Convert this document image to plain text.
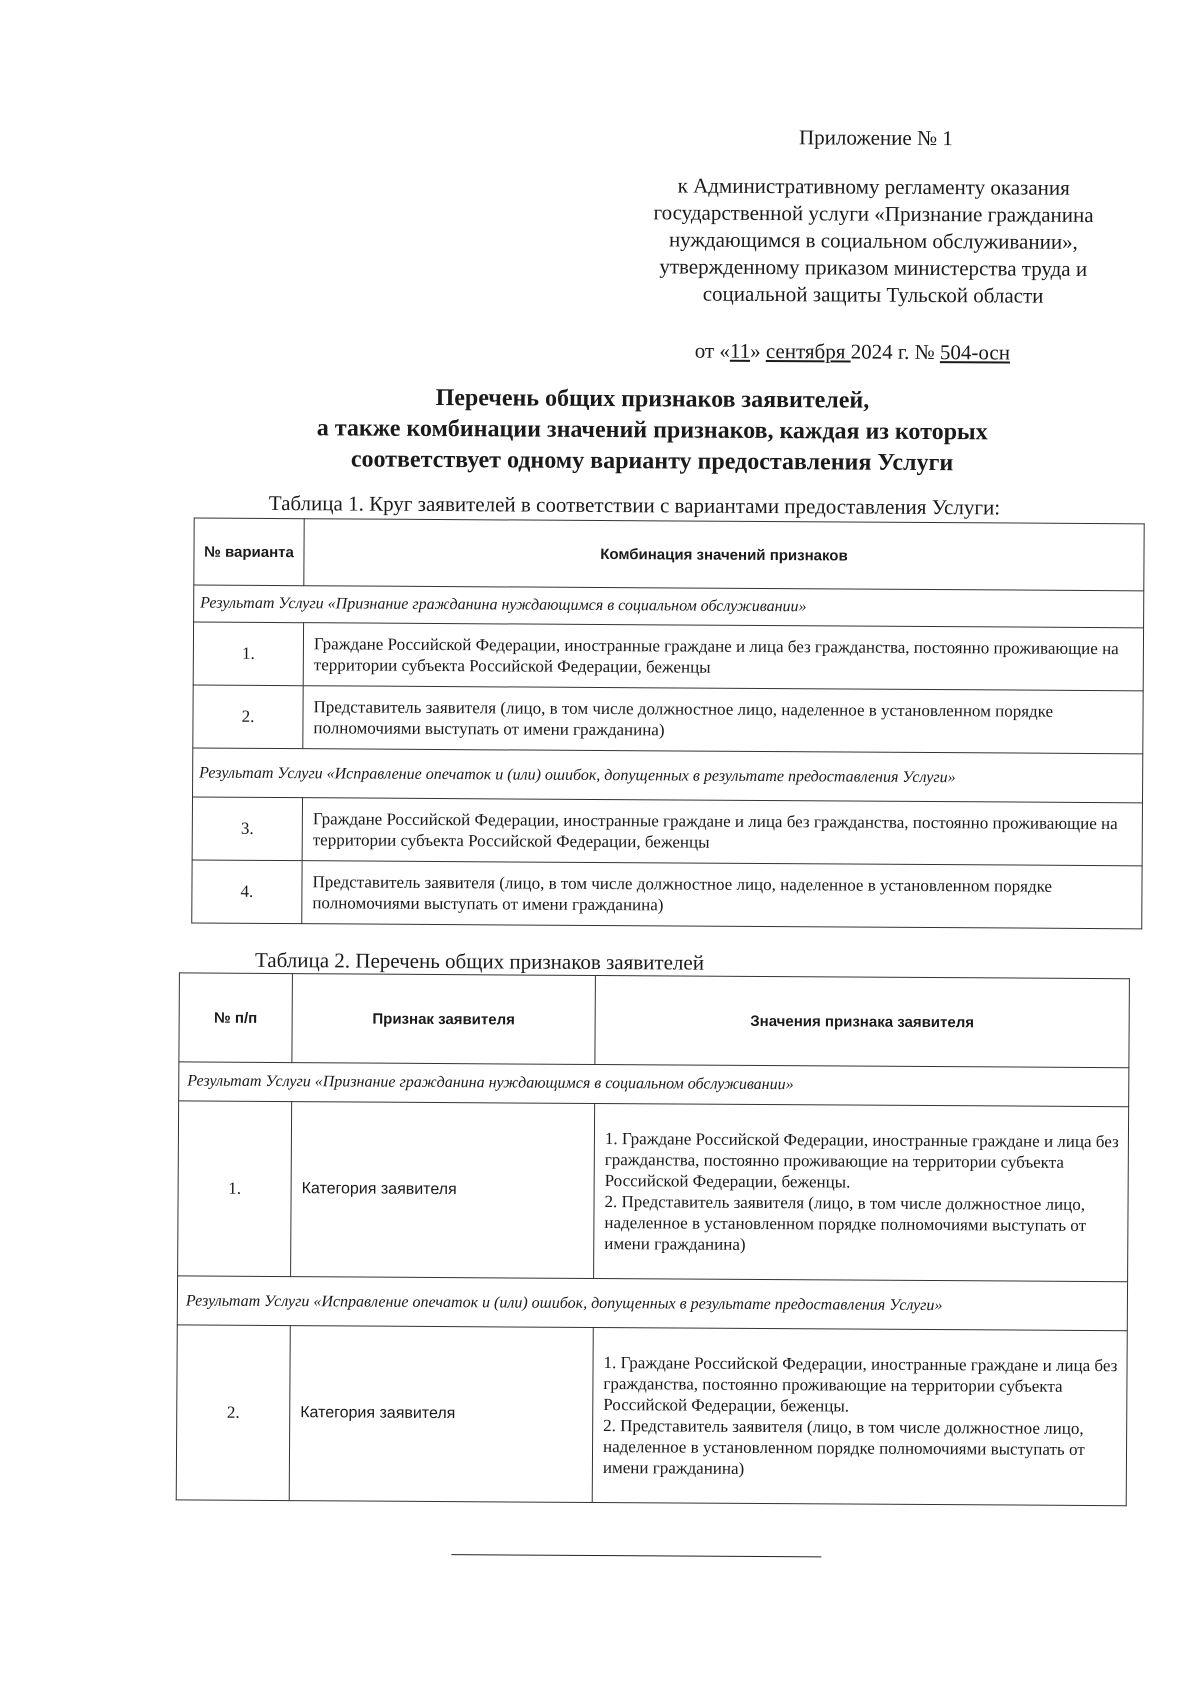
Приложение № 1
к Административному регламенту оказания
государственной услуги «Признание гражданина
нуждающимся в социальном обслуживании»,
утвержденному приказом министерства труда и
социальной защиты Тульской области
от «11» сентября 2024 г. № 504-осн
Перечень общих признаков заявителей,
а также комбинации значений признаков, каждая из которых
соответствует одному варианту предоставления Услуги
Таблица 1. Круг заявителей в соответствии с вариантами предоставления Услуги:
№ варианта	Комбинация значений признаков
Результат Услуги «Признание гражданина нуждающимся в социальном обслуживании»	
1.	Граждане Российской Федерации, иностранные граждане и лица без гражданства, постоянно проживающие на территории субъекта Российской Федерации, беженцы
2.	Представитель заявителя (лицо, в том числе должностное лицо, наделенное в установленном порядке полномочиями выступать от имени гражданина)
Результат Услуги «Исправление опечаток и (или) ошибок, допущенных в результате предоставления Услуги»	
3.	Граждане Российской Федерации, иностранные граждане и лица без гражданства, постоянно проживающие на территории субъекта Российской Федерации, беженцы
4.	Представитель заявителя (лицо, в том числе должностное лицо, наделенное в установленном порядке полномочиями выступать от имени гражданина)
Таблица 2. Перечень общих признаков заявителей
№ п/п	Признак заявителя	Значения признака заявителя
Результат Услуги «Признание гражданина нуждающимся в социальном обслуживании»		
1.	Категория заявителя	1. Граждане Российской Федерации, иностранные граждане и лица без гражданства, постоянно проживающие на территории субъекта Российской Федерации, беженцы.
2. Представитель заявителя (лицо, в том числе должностное лицо, наделенное в установленном порядке полномочиями выступать от имени гражданина)

Результат Услуги «Исправление опечаток и (или) ошибок, допущенных в результате предоставления Услуги»		
2.	Категория заявителя	1. Граждане Российской Федерации, иностранные граждане и лица без гражданства, постоянно проживающие на территории субъекта Российской Федерации, беженцы.
2. Представитель заявителя (лицо, в том числе должностное лицо, наделенное в установленном порядке полномочиями выступать от имени гражданина)
